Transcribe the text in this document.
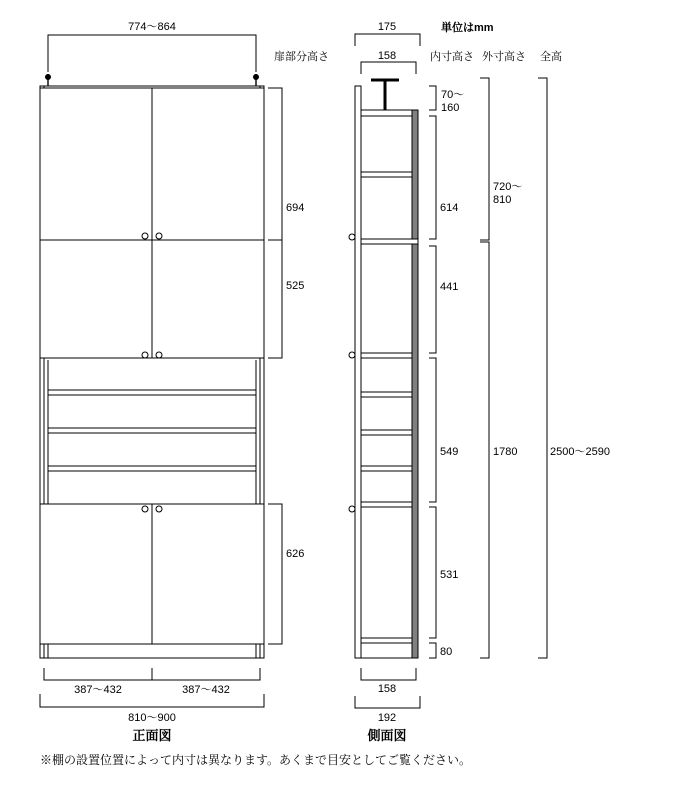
774～864
694
525
626
387～432	387～432
810～900
正面図
単位はmm
扉部分高さ	内寸高さ 外寸高さ 全高
175
158
70～ 160
614
441
549
531
80
720～ 810
1780	2500～2590
158
192
側面図
※棚の設置位置によって内寸は異なります。あくまで目安としてご覧ください。
